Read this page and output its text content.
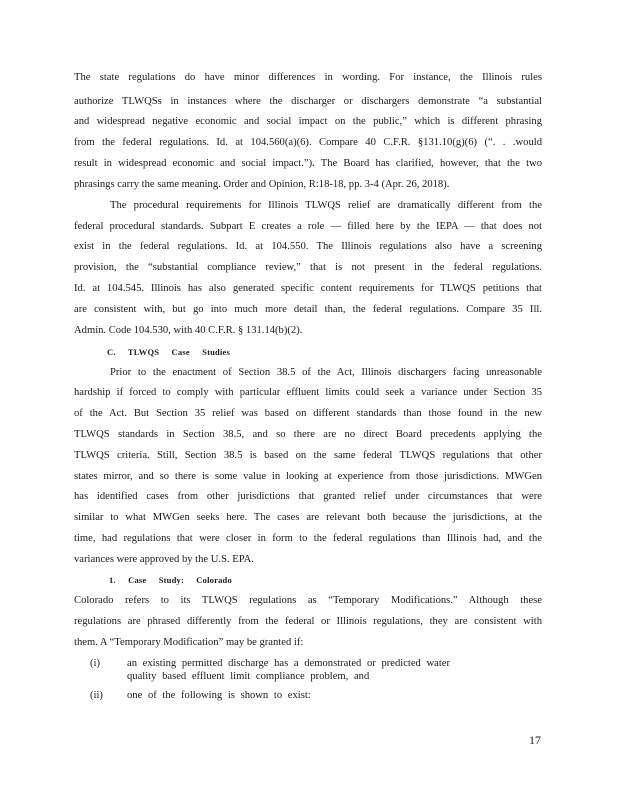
The state regulations do have minor differences in wording. For instance, the Illinois rules
authorize TLWQSs in instances where the discharger or dischargers demonstrate “a substantial
and widespread negative economic and social impact on the public,” which is different phrasing
from the federal regulations. Id. at 104.560(a)(6). Compare 40 C.F.R. §131.10(g)(6) (“. . .would
result in widespread economic and social impact.”). The Board has clarified, however, that the two
phrasings carry the same meaning. Order and Opinion, R:18-18, pp. 3-4 (Apr. 26, 2018).
The procedural requirements for Illinois TLWQS relief are dramatically different from the
federal procedural standards. Subpart E creates a role — filled here by the IEPA — that does not
exist in the federal regulations. Id. at 104.550. The Illinois regulations also have a screening
provision, the “substantial compliance review,” that is not present in the federal regulations.
Id. at 104.545. Illinois has also generated specific content requirements for TLWQS petitions that
are consistent with, but go into much more detail than, the federal regulations. Compare 35 Ill.
Admin. Code 104.530, with 40 C.F.R. § 131.14(b)(2).
C. TLWQS Case Studies
Prior to the enactment of Section 38.5 of the Act, Illinois dischargers facing unreasonable
hardship if forced to comply with particular effluent limits could seek a variance under Section 35
of the Act. But Section 35 relief was based on different standards than those found in the new
TLWQS standards in Section 38.5, and so there are no direct Board precedents applying the
TLWQS criteria. Still, Section 38.5 is based on the same federal TLWQS regulations that other
states mirror, and so there is some value in looking at experience from those jurisdictions. MWGen
has identified cases from other jurisdictions that granted relief under circumstances that were
similar to what MWGen seeks here. The cases are relevant both because the jurisdictions, at the
time, had regulations that were closer in form to the federal regulations than Illinois had, and the
variances were approved by the U.S. EPA.
1. Case Study: Colorado
Colorado refers to its TLWQS regulations as “Temporary Modifications.” Although these
regulations are phrased differently from the federal or Illinois regulations, they are consistent with
them. A “Temporary Modification” may be granted if:
(i)	an existing permitted discharge has a demonstrated or predicted water
quality based effluent limit compliance problem, and
(ii) one of the following is shown to exist:
17
